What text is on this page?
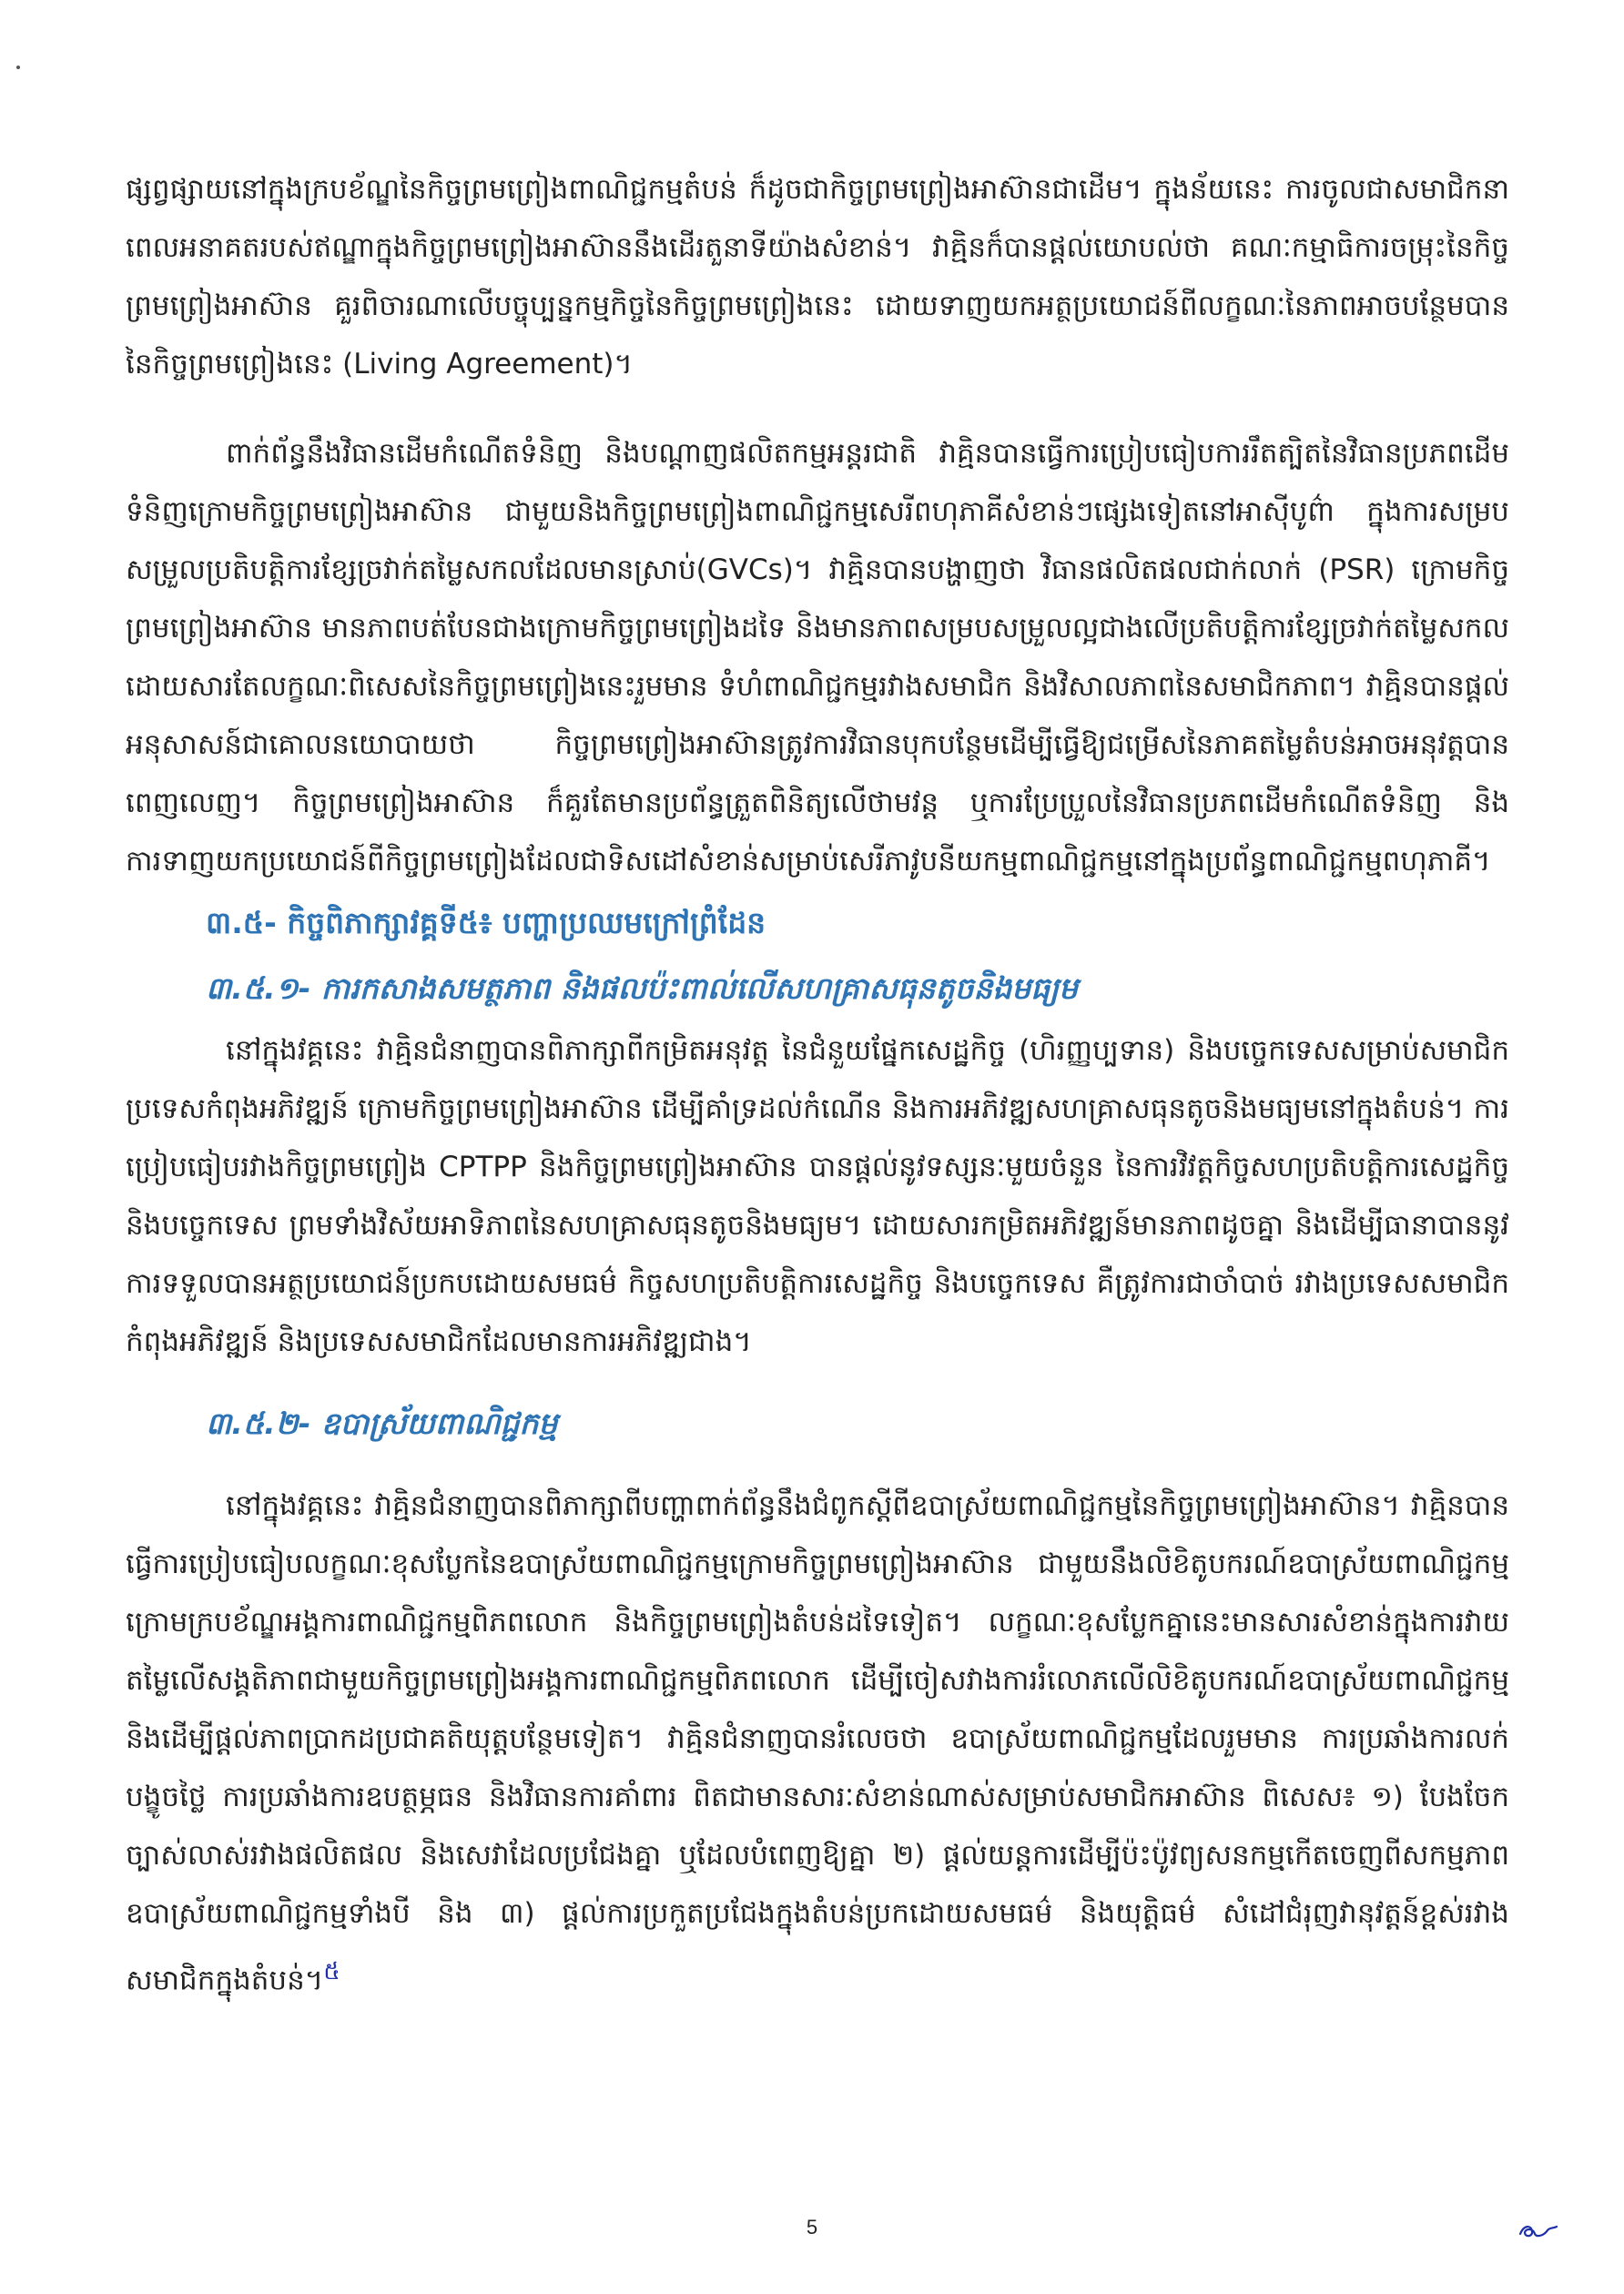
ផ្សព្វផ្សាយនៅក្នុងក្របខ័ណ្ឌនៃកិច្ចព្រមព្រៀងពាណិជ្ជកម្មតំបន់ ក៏ដូចជាកិច្ចព្រមព្រៀងអាស៊ានជាដើម។ ក្នុងន័យនេះ ការចូលជាសមាជិកនាពេលអនាគតរបស់ឥណ្ឌាក្នុងកិច្ចព្រមព្រៀងអាស៊ាននឹងដើរតួនាទីយ៉ាងសំខាន់។ វាគ្មិនក៏បានផ្តល់យោបល់ថា គណៈកម្មាធិការចម្រុះនៃកិច្ចព្រមព្រៀងអាស៊ាន គួរពិចារណាលើបច្ចុប្បន្នកម្មកិច្ចនៃកិច្ចព្រមព្រៀងនេះ ដោយទាញយកអត្ថប្រយោជន៍ពីលក្ខណៈនៃភាពអាចបន្ថែមបាននៃកិច្ចព្រមព្រៀងនេះ (Living Agreement)។

ពាក់ព័ន្ធនឹងវិធានដើមកំណើតទំនិញ និងបណ្តាញផលិតកម្មអន្តរជាតិ វាគ្មិនបានធ្វើការប្រៀបធៀបការរឹតត្បិតនៃវិធានប្រភពដើមទំនិញក្រោមកិច្ចព្រមព្រៀងអាស៊ាន ជាមួយនិងកិច្ចព្រមព្រៀងពាណិជ្ជកម្មសេរីពហុភាគីសំខាន់ៗផ្សេងទៀតនៅអាស៊ីបូព៌ា ក្នុងការសម្របសម្រួលប្រតិបត្តិការខ្សែច្រវាក់តម្លៃសកលដែលមានស្រាប់(GVCs)។ វាគ្មិនបានបង្ហាញថា វិធានផលិតផលជាក់លាក់ (PSR) ក្រោមកិច្ចព្រមព្រៀងអាស៊ាន មានភាពបត់បែនជាងក្រោមកិច្ចព្រមព្រៀងដទៃ និងមានភាពសម្របសម្រួលល្អជាងលើប្រតិបត្តិការខ្សែច្រវាក់តម្លៃសកល ដោយសារតែលក្ខណៈពិសេសនៃកិច្ចព្រមព្រៀងនេះរួមមាន ទំហំពាណិជ្ជកម្មរវាងសមាជិក និងវិសាលភាពនៃសមាជិកភាព។ វាគ្មិនបានផ្តល់អនុសាសន៍ជាគោលនយោបាយថា កិច្ចព្រមព្រៀងអាស៊ានត្រូវការវិធានបុកបន្ថែមដើម្បីធ្វើឱ្យជម្រើសនៃភាគតម្លៃតំបន់អាចអនុវត្តបានពេញលេញ។ កិច្ចព្រមព្រៀងអាស៊ាន ក៏គួរតែមានប្រព័ន្ធត្រួតពិនិត្យលើថាមវន្ត ឬការប្រែប្រួលនៃវិធានប្រភពដើមកំណើតទំនិញ និងការទាញយកប្រយោជន៍ពីកិច្ចព្រមព្រៀងដែលជាទិសដៅសំខាន់សម្រាប់សេរីភាវូបនីយកម្មពាណិជ្ជកម្មនៅក្នុងប្រព័ន្ធពាណិជ្ជកម្មពហុភាគី។

៣.៥- កិច្ចពិភាក្សាវគ្គទី៥៖ បញ្ហាប្រឈមក្រៅព្រំដែន
៣.៥.១- ការកសាងសមត្ថភាព និងផលប៉ះពាល់លើសហគ្រាសធុនតូចនិងមធ្យម

នៅក្នុងវគ្គនេះ វាគ្មិនជំនាញបានពិភាក្សាពីកម្រិតអនុវត្ត នៃជំនួយផ្នែកសេដ្ឋកិច្ច (ហិរញ្ញប្បទាន) និងបច្ចេកទេសសម្រាប់សមាជិកប្រទេសកំពុងអភិវឌ្ឍន៍ ក្រោមកិច្ចព្រមព្រៀងអាស៊ាន ដើម្បីគាំទ្រដល់កំណើន និងការអភិវឌ្ឍសហគ្រាសធុនតូចនិងមធ្យមនៅក្នុងតំបន់។ ការប្រៀបធៀបរវាងកិច្ចព្រមព្រៀង CPTPP និងកិច្ចព្រមព្រៀងអាស៊ាន បានផ្តល់នូវទស្សនៈមួយចំនួន នៃការវិវត្តកិច្ចសហប្រតិបត្តិការសេដ្ឋកិច្ច និងបច្ចេកទេស ព្រមទាំងវិស័យអាទិភាពនៃសហគ្រាសធុនតូចនិងមធ្យម។ ដោយសារកម្រិតអភិវឌ្ឍន៍មានភាពដូចគ្នា និងដើម្បីធានាបាននូវការទទួលបានអត្ថប្រយោជន៍ប្រកបដោយសមធម៌ កិច្ចសហប្រតិបត្តិការសេដ្ឋកិច្ច និងបច្ចេកទេស គឺត្រូវការជាចាំបាច់ រវាងប្រទេសសមាជិកកំពុងអភិវឌ្ឍន៍ និងប្រទេសសមាជិកដែលមានការអភិវឌ្ឍជាង។

៣.៥.២- ឧបាស្រ័យពាណិជ្ជកម្ម

នៅក្នុងវគ្គនេះ វាគ្មិនជំនាញបានពិភាក្សាពីបញ្ហាពាក់ព័ន្ធនឹងជំពូកស្តីពីឧបាស្រ័យពាណិជ្ជកម្មនៃកិច្ចព្រមព្រៀងអាស៊ាន។ វាគ្មិនបានធ្វើការប្រៀបធៀបលក្ខណៈខុសប្លែកនៃឧបាស្រ័យពាណិជ្ជកម្មក្រោមកិច្ចព្រមព្រៀងអាស៊ាន ជាមួយនឹងលិខិតូបករណ៍ឧបាស្រ័យពាណិជ្ជកម្ម ក្រោមក្របខ័ណ្ឌអង្គការពាណិជ្ជកម្មពិភពលោក និងកិច្ចព្រមព្រៀងតំបន់ដទៃទៀត។ លក្ខណៈខុសប្លែកគ្នានេះមានសារសំខាន់ក្នុងការវាយតម្លៃលើសង្គតិភាពជាមួយកិច្ចព្រមព្រៀងអង្គការពាណិជ្ជកម្មពិភពលោក ដើម្បីចៀសវាងការរំលោភលើលិខិតូបករណ៍ឧបាស្រ័យពាណិជ្ជកម្ម និងដើម្បីផ្តល់ភាពប្រាកដប្រជាគតិយុត្តបន្ថែមទៀត។ វាគ្មិនជំនាញបានរំលេចថា ឧបាស្រ័យពាណិជ្ជកម្មដែលរួមមាន ការប្រឆាំងការលក់បង្ខូចថ្លៃ ការប្រឆាំងការឧបត្ថម្ភធន និងវិធានការគាំពារ ពិតជាមានសារៈសំខាន់ណាស់សម្រាប់សមាជិកអាស៊ាន ពិសេស៖ ១) បែងចែកច្បាស់លាស់រវាងផលិតផល និងសេវាដែលប្រជែងគ្នា ឬដែលបំពេញឱ្យគ្នា ២) ផ្តល់យន្តការដើម្បីប៉ះប៉ូវព្យសនកម្មកើតចេញពីសកម្មភាពឧបាស្រ័យពាណិជ្ជកម្មទាំងបី និង ៣) ផ្តល់ការប្រកួតប្រជែងក្នុងតំបន់ប្រកដោយសមធម៌ និងយុត្តិធម៌ សំដៅជំរុញវានុវត្តន៍ខ្ពស់រវាងសមាជិកក្នុងតំបន់។$^៥$

5
